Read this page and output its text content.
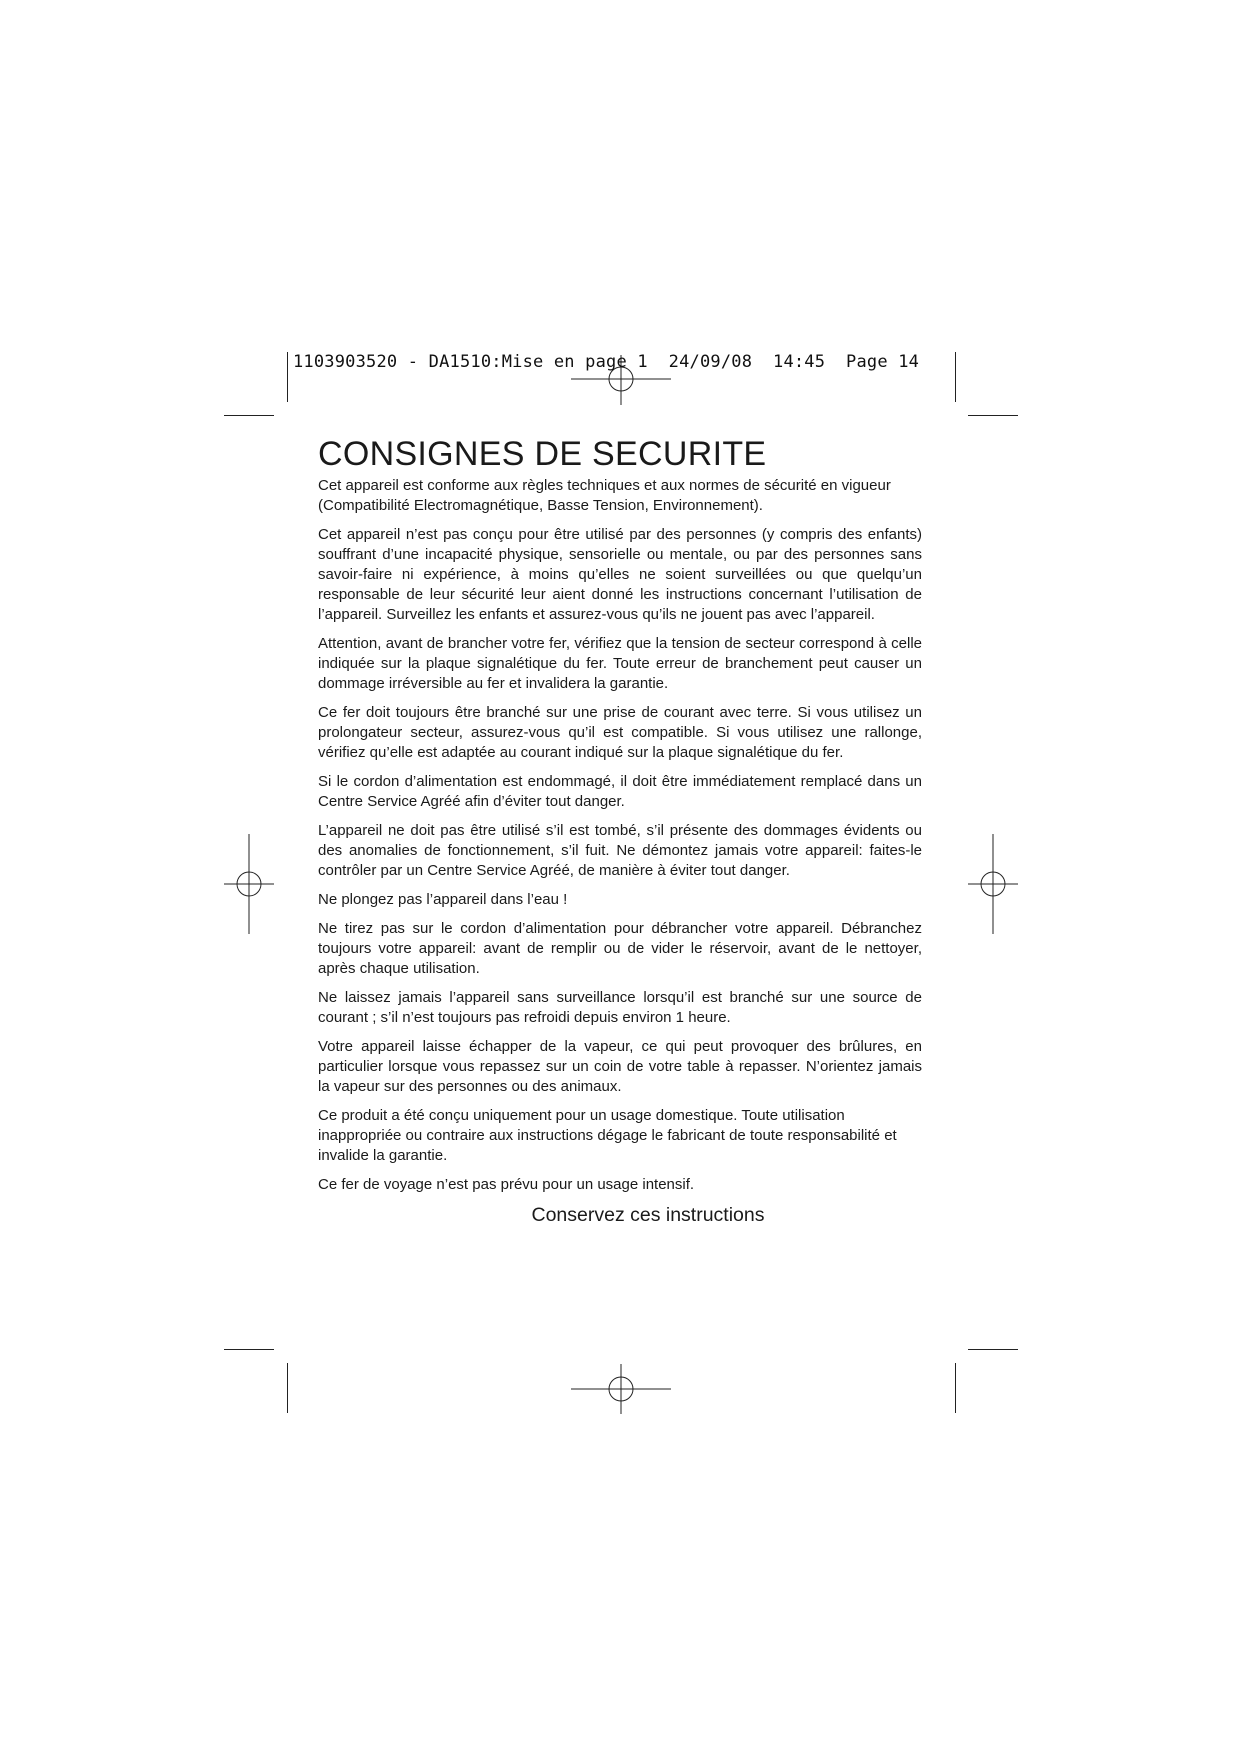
1103903520 - DA1510:Mise en page 1  24/09/08  14:45  Page 14
CONSIGNES DE SECURITE

Cet appareil est conforme aux règles techniques et aux normes de sécurité en vigueur (Compatibilité Electromagnétique, Basse Tension, Environnement).

Cet appareil n’est pas conçu pour être utilisé par des personnes (y compris des enfants) souffrant d’une incapacité physique, sensorielle ou mentale, ou par des personnes sans savoir-faire ni expérience, à moins qu’elles ne soient surveillées ou que quelqu’un responsable de leur sécurité leur aient donné les instructions concernant l’utilisation de l’appareil. Surveillez les enfants et assurez-vous qu’ils ne jouent pas avec l’appareil.

Attention, avant de brancher votre fer, vérifiez que la tension de secteur correspond à celle indiquée sur la plaque signalétique du fer. Toute erreur de branchement peut causer un dommage irréversible au fer et invalidera la garantie.

Ce fer doit toujours être branché sur une prise de courant avec terre. Si vous utilisez un prolongateur secteur, assurez-vous qu’il est compatible. Si vous utilisez une rallonge, vérifiez qu’elle est adaptée au courant indiqué sur la plaque signalétique du fer.

Si le cordon d’alimentation est endommagé, il doit être immédiatement remplacé dans un Centre Service Agréé afin d’éviter tout danger.

L’appareil ne doit pas être utilisé s’il est tombé, s’il présente des dommages évidents ou des anomalies de fonctionnement, s’il fuit. Ne démontez jamais votre appareil: faites-le contrôler par un Centre Service Agréé, de manière à éviter tout danger.

Ne plongez pas l’appareil dans l’eau !

Ne tirez pas sur le cordon d’alimentation pour débrancher votre appareil. Débranchez toujours votre appareil: avant de remplir ou de vider le réservoir, avant de le nettoyer, après chaque utilisation.

Ne laissez jamais l’appareil sans surveillance lorsqu’il est branché sur une source de courant ; s’il n’est toujours pas refroidi depuis environ 1 heure.

Votre appareil laisse échapper de la vapeur, ce qui peut provoquer des brûlures, en particulier lorsque vous repassez sur un coin de votre table à repasser. N’orientez jamais la vapeur sur des personnes ou des animaux.

Ce produit a été conçu uniquement pour un usage domestique. Toute utilisation inappropriée ou contraire aux instructions dégage le fabricant de toute responsabilité et invalide la garantie.

Ce fer de voyage n’est pas prévu pour un usage intensif.

Conservez ces instructions
